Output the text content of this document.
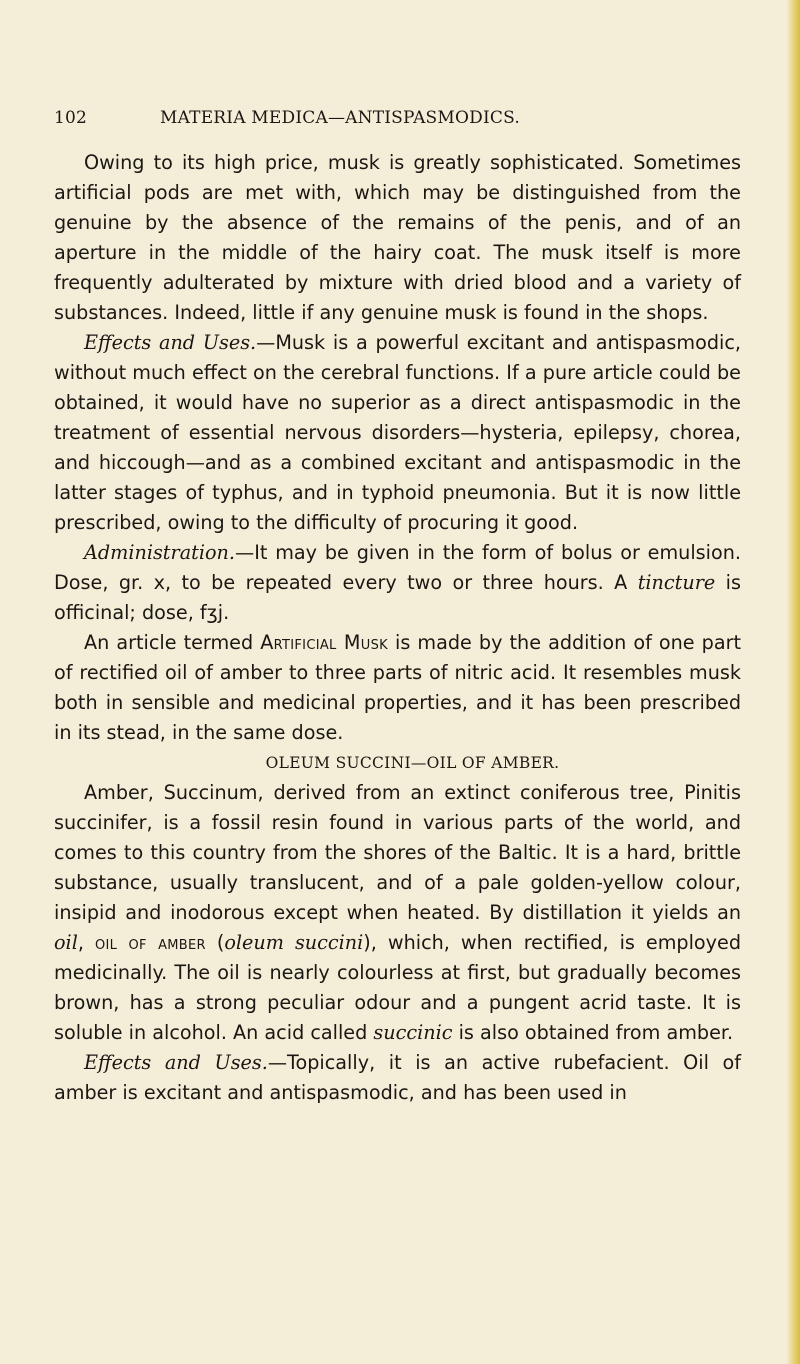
102	MATERIA MEDICA—ANTISPASMODICS.

Owing to its high price, musk is greatly sophisticated. Sometimes artificial pods are met with, which may be distinguished from the genuine by the absence of the remains of the penis, and of an aperture in the middle of the hairy coat. The musk itself is more frequently adulterated by mixture with dried blood and a variety of substances. Indeed, little if any genuine musk is found in the shops.

Effects and Uses.—Musk is a powerful excitant and antispasmodic, without much effect on the cerebral functions. If a pure article could be obtained, it would have no superior as a direct antispasmodic in the treatment of essential nervous disorders—hysteria, epilepsy, chorea, and hiccough—and as a combined excitant and antispasmodic in the latter stages of typhus, and in typhoid pneumonia. But it is now little prescribed, owing to the difficulty of procuring it good.

Administration.—It may be given in the form of bolus or emulsion. Dose, gr. x, to be repeated every two or three hours. A tincture is officinal; dose, fʒj.

An article termed Artificial Musk is made by the addition of one part of rectified oil of amber to three parts of nitric acid. It resembles musk both in sensible and medicinal properties, and it has been prescribed in its stead, in the same dose.

OLEUM SUCCINI—OIL OF AMBER.

Amber, Succinum, derived from an extinct coniferous tree, Pinitis succinifer, is a fossil resin found in various parts of the world, and comes to this country from the shores of the Baltic. It is a hard, brittle substance, usually translucent, and of a pale golden-yellow colour, insipid and inodorous except when heated. By distillation it yields an oil, oil of amber (oleum succini), which, when rectified, is employed medicinally. The oil is nearly colourless at first, but gradually becomes brown, has a strong peculiar odour and a pungent acrid taste. It is soluble in alcohol. An acid called succinic is also obtained from amber.

Effects and Uses.—Topically, it is an active rubefacient. Oil of amber is excitant and antispasmodic, and has been used in
